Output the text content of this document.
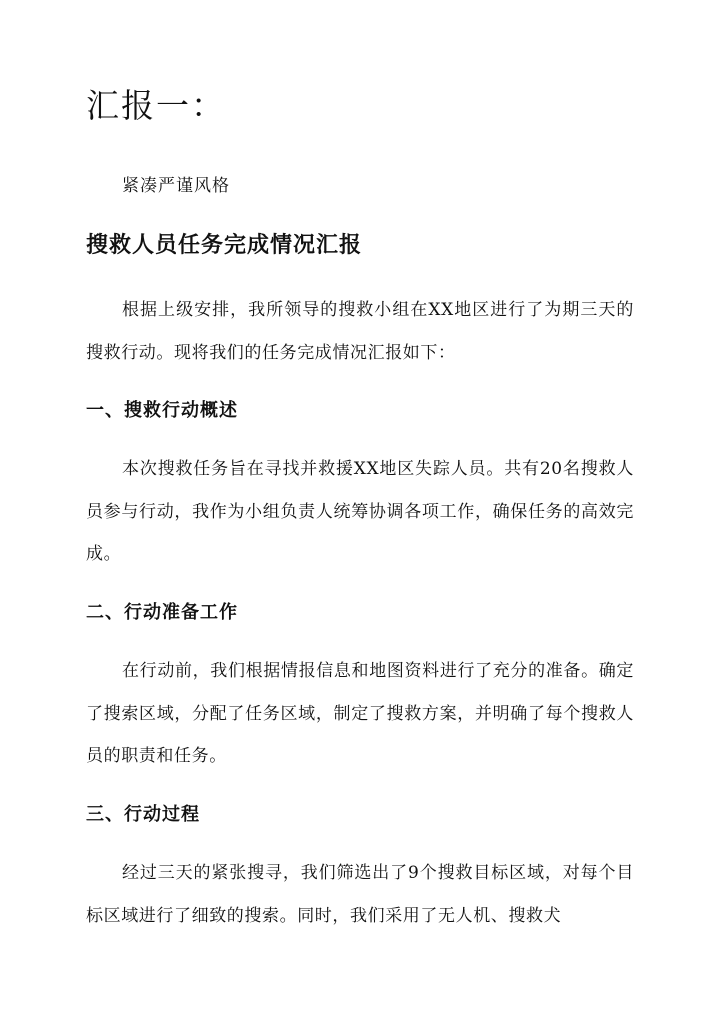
汇报一：

紧凑严谨风格

搜救人员任务完成情况汇报

根据上级安排，我所领导的搜救小组在XX地区进行了为期三天的搜救行动。现将我们的任务完成情况汇报如下：

一、搜救行动概述

本次搜救任务旨在寻找并救援XX地区失踪人员。共有20名搜救人员参与行动，我作为小组负责人统筹协调各项工作，确保任务的高效完成。

二、行动准备工作

在行动前，我们根据情报信息和地图资料进行了充分的准备。确定了搜索区域，分配了任务区域，制定了搜救方案，并明确了每个搜救人员的职责和任务。

三、行动过程

经过三天的紧张搜寻，我们筛选出了9个搜救目标区域，对每个目标区域进行了细致的搜索。同时，我们采用了无人机、搜救犬
